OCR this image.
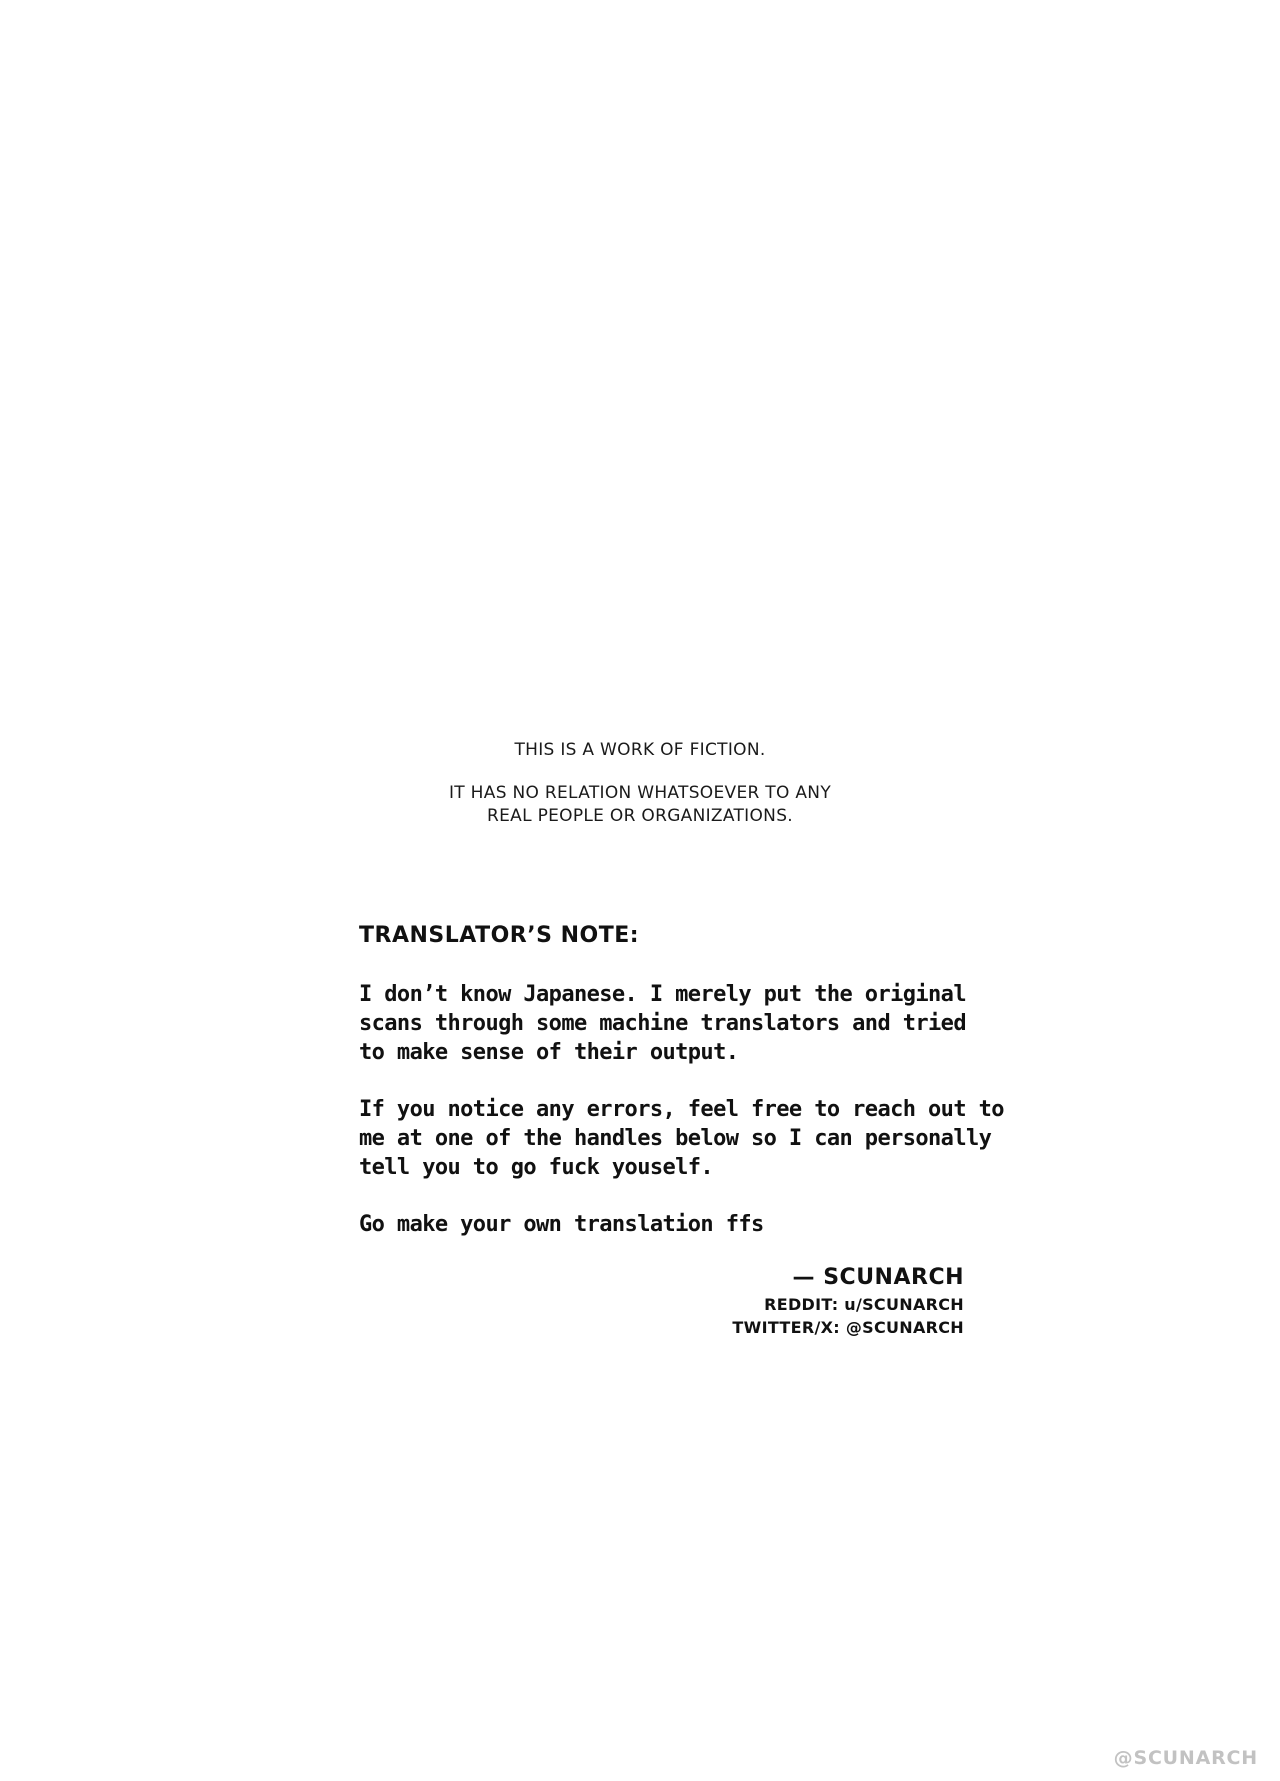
THIS IS A WORK OF FICTION.
IT HAS NO RELATION WHATSOEVER TO ANY
REAL PEOPLE OR ORGANIZATIONS.
TRANSLATOR’S NOTE:
I don’t know Japanese. I merely put the original
scans through some machine translators and tried
to make sense of their output.
If you notice any errors, feel free to reach out to
me at one of the handles below so I can personally
tell you to go fuck youself.
Go make your own translation ffs
— SCUNARCH
REDDIT: u/SCUNARCH
TWITTER/X: @SCUNARCH
@SCUNARCH
